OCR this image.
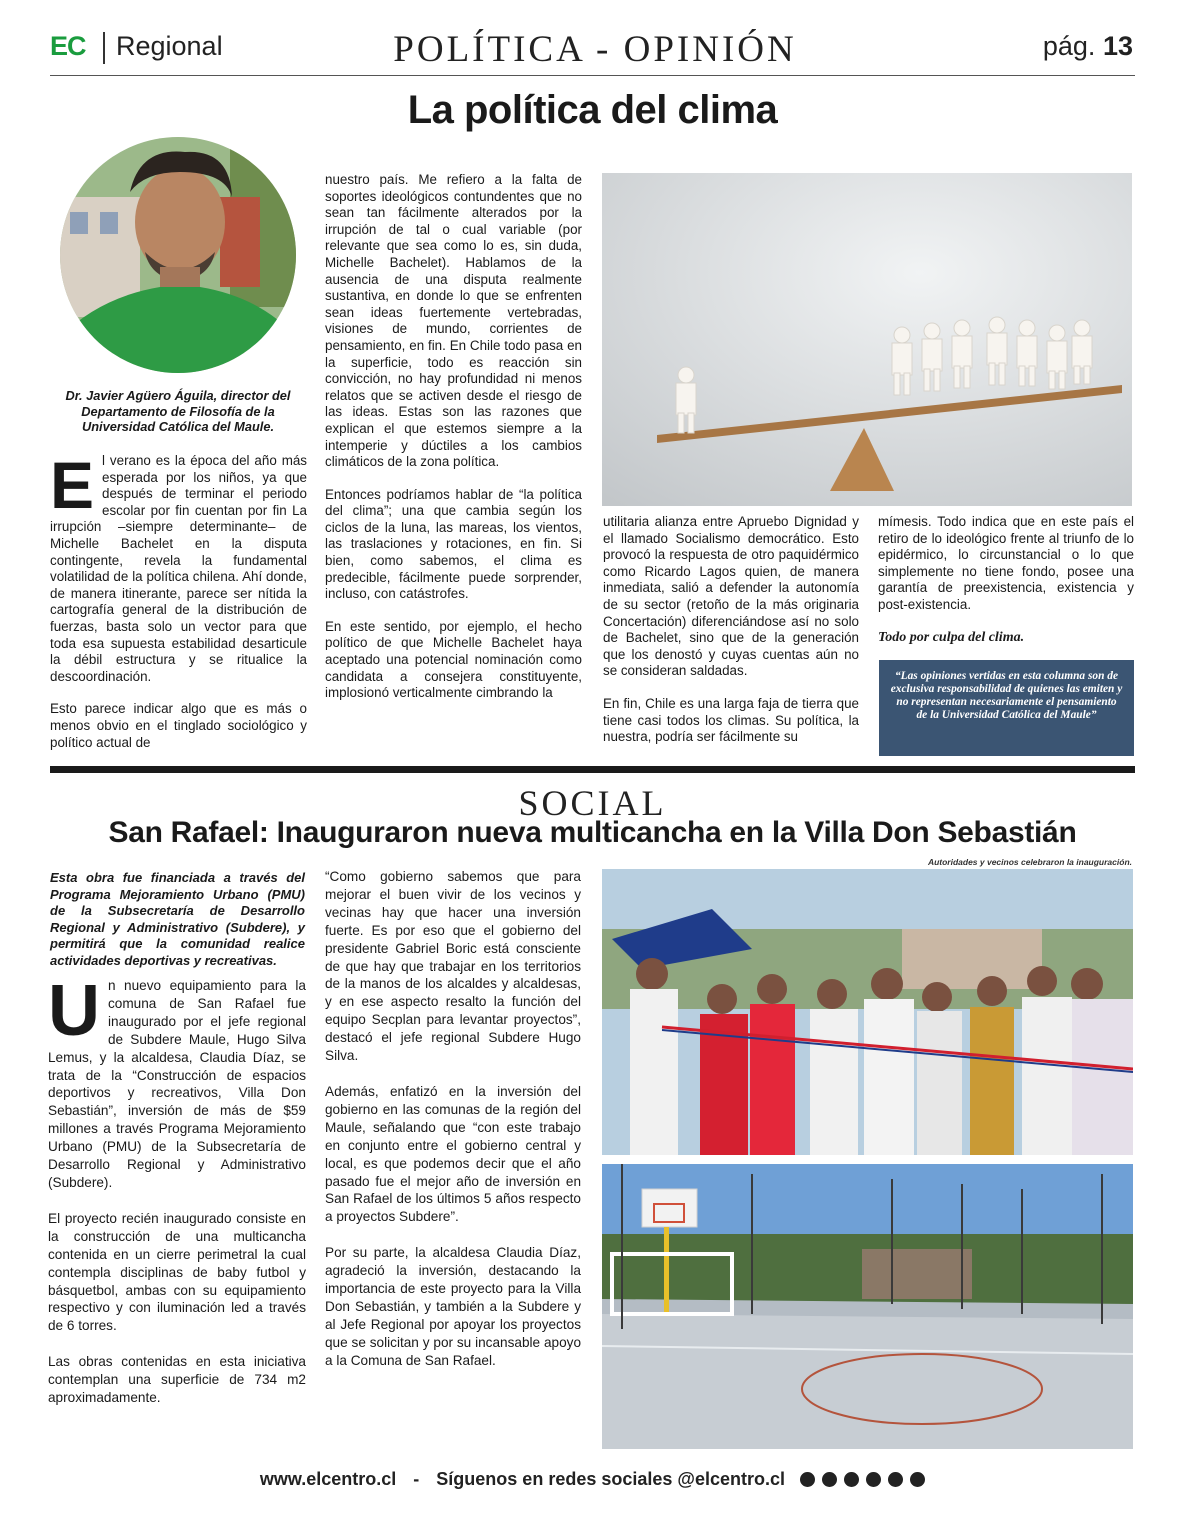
EC Regional	POLÍTICA - OPINIÓN	pág. 13
La política del clima
Dr. Javier Agüero Águila, director del Departamento de Filosofía de la Universidad Católica del Maule.
E l verano es la época del año más esperada por los niños, ya que después de terminar el periodo escolar por fin cuentan por fin La irrupción –siempre determinante– de Michelle Bachelet en la disputa contingente, revela la fundamental volatilidad de la política chilena. Ahí donde, de manera itinerante, parece ser nítida la cartografía general de la distribución de fuerzas, basta solo un vector para que toda esa supuesta estabilidad desarticule la débil estructura y se ritualice la descoordinación.

Esto parece indicar algo que es más o menos obvio en el tinglado sociológico y político actual de

nuestro país. Me refiero a la falta de soportes ideológicos contundentes que no sean tan fácilmente alterados por la irrupción de tal o cual variable (por relevante que sea como lo es, sin duda, Michelle Bachelet). Hablamos de la ausencia de una disputa realmente sustantiva, en donde lo que se enfrenten sean ideas fuertemente vertebradas, visiones de mundo, corrientes de pensamiento, en fin. En Chile todo pasa en la superficie, todo es reacción sin convicción, no hay profundidad ni menos relatos que se activen desde el riesgo de las ideas. Estas son las razones que explican el que estemos siempre a la intemperie y dúctiles a los cambios climáticos de la zona política.

Entonces podríamos hablar de “la política del clima”; una que cambia según los ciclos de la luna, las mareas, los vientos, las traslaciones y rotaciones, en fin. Si bien, como sabemos, el clima es predecible, fácilmente puede sorprender, incluso, con catástrofes.

En este sentido, por ejemplo, el hecho político de que Michelle Bachelet haya aceptado una potencial nominación como candidata a consejera constituyente, implosionó verticalmente cimbrando la

utilitaria alianza entre Apruebo Dignidad y el llamado Socialismo democrático. Esto provocó la respuesta de otro paquidérmico como Ricardo Lagos quien, de manera inmediata, salió a defender la autonomía de su sector (retoño de la más originaria Concertación) diferenciándose así no solo de Bachelet, sino que de la generación que los denostó y cuyas cuentas aún no se consideran saldadas.

En fin, Chile es una larga faja de tierra que tiene casi todos los climas. Su política, la nuestra, podría ser fácilmente su

mímesis. Todo indica que en este país el retiro de lo ideológico frente al triunfo de lo epidérmico, lo circunstancial o lo que simplemente no tiene fondo, posee una garantía de preexistencia, existencia y post-existencia.

Todo por culpa del clima.

“Las opiniones vertidas en esta columna son de exclusiva responsabilidad de quienes las emiten y no representan necesariamente el pensamiento de la Universidad Católica del Maule”
SOCIAL
San Rafael: Inauguraron nueva multicancha en la Villa Don Sebastián
Autoridades y vecinos celebraron la inauguración.
Esta obra fue financiada a través del Programa Mejoramiento Urbano (PMU) de la Subsecretaría de Desarrollo Regional y Administrativo (Subdere), y permitirá que la comunidad realice actividades deportivas y recreativas.
U n nuevo equipamiento para la comuna de San Rafael fue inaugurado por el jefe regional de Subdere Maule, Hugo Silva Lemus, y la alcaldesa, Claudia Díaz, se trata de la “Construcción de espacios deportivos y recreativos, Villa Don Sebastián”, inversión de más de $59 millones a través Programa Mejoramiento Urbano (PMU) de la Subsecretaría de Desarrollo Regional y Administrativo (Subdere).

El proyecto recién inaugurado consiste en la construcción de una multicancha contenida en un cierre perimetral la cual contempla disciplinas de baby futbol y básquetbol, ambas con su equipamiento respectivo y con iluminación led a través de 6 torres.

Las obras contenidas en esta iniciativa contemplan una superficie de 734 m2 aproximadamente.

“Como gobierno sabemos que para mejorar el buen vivir de los vecinos y vecinas hay que hacer una inversión fuerte. Es por eso que el gobierno del presidente Gabriel Boric está consciente de que hay que trabajar en los territorios de la manos de los alcaldes y alcaldesas, y en ese aspecto resalto la función del equipo Secplan para levantar proyectos”, destacó el jefe regional Subdere Hugo Silva.

Además, enfatizó en la inversión del gobierno en las comunas de la región del Maule, señalando que “con este trabajo en conjunto entre el gobierno central y local, es que podemos decir que el año pasado fue el mejor año de inversión en San Rafael de los últimos 5 años respecto a proyectos Subdere”.

Por su parte, la alcaldesa Claudia Díaz, agradeció la inversión, destacando la importancia de este proyecto para la Villa Don Sebastián, y también a la Subdere y al Jefe Regional por apoyar los proyectos que se solicitan y por su incansable apoyo a la Comuna de San Rafael.

www.elcentro.cl - Síguenos en redes sociales @elcentro.cl
